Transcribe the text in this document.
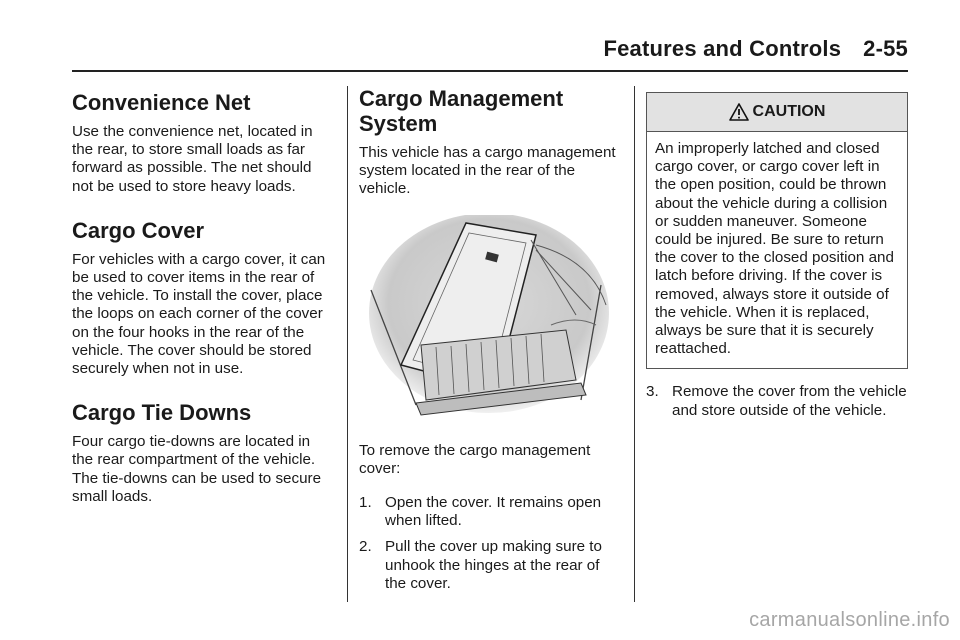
Features and Controls 2-55
Convenience Net

Use the convenience net, located in the rear, to store small loads as far forward as possible. The net should not be used to store heavy loads.

Cargo Cover

For vehicles with a cargo cover, it can be used to cover items in the rear of the vehicle. To install the cover, place the loops on each corner of the cover on the four hooks in the rear of the vehicle. The cover should be stored securely when not in use.

Cargo Tie Downs

Four cargo tie-downs are located in the rear compartment of the vehicle. The tie-downs can be used to secure small loads.

Cargo Management System

This vehicle has a cargo management system located in the rear of the vehicle.

To remove the cargo management cover:

1. Open the cover. It remains open when lifted.
2. Pull the cover up making sure to unhook the hinges at the rear of the cover.
CAUTION

An improperly latched and closed cargo cover, or cargo cover left in the open position, could be thrown about the vehicle during a collision or sudden maneuver. Someone could be injured. Be sure to return the cover to the closed position and latch before driving. If the cover is removed, always store it outside of the vehicle. When it is replaced, always be sure that it is securely reattached.

3. Remove the cover from the vehicle and store outside of the vehicle.
carmanualsonline.info
